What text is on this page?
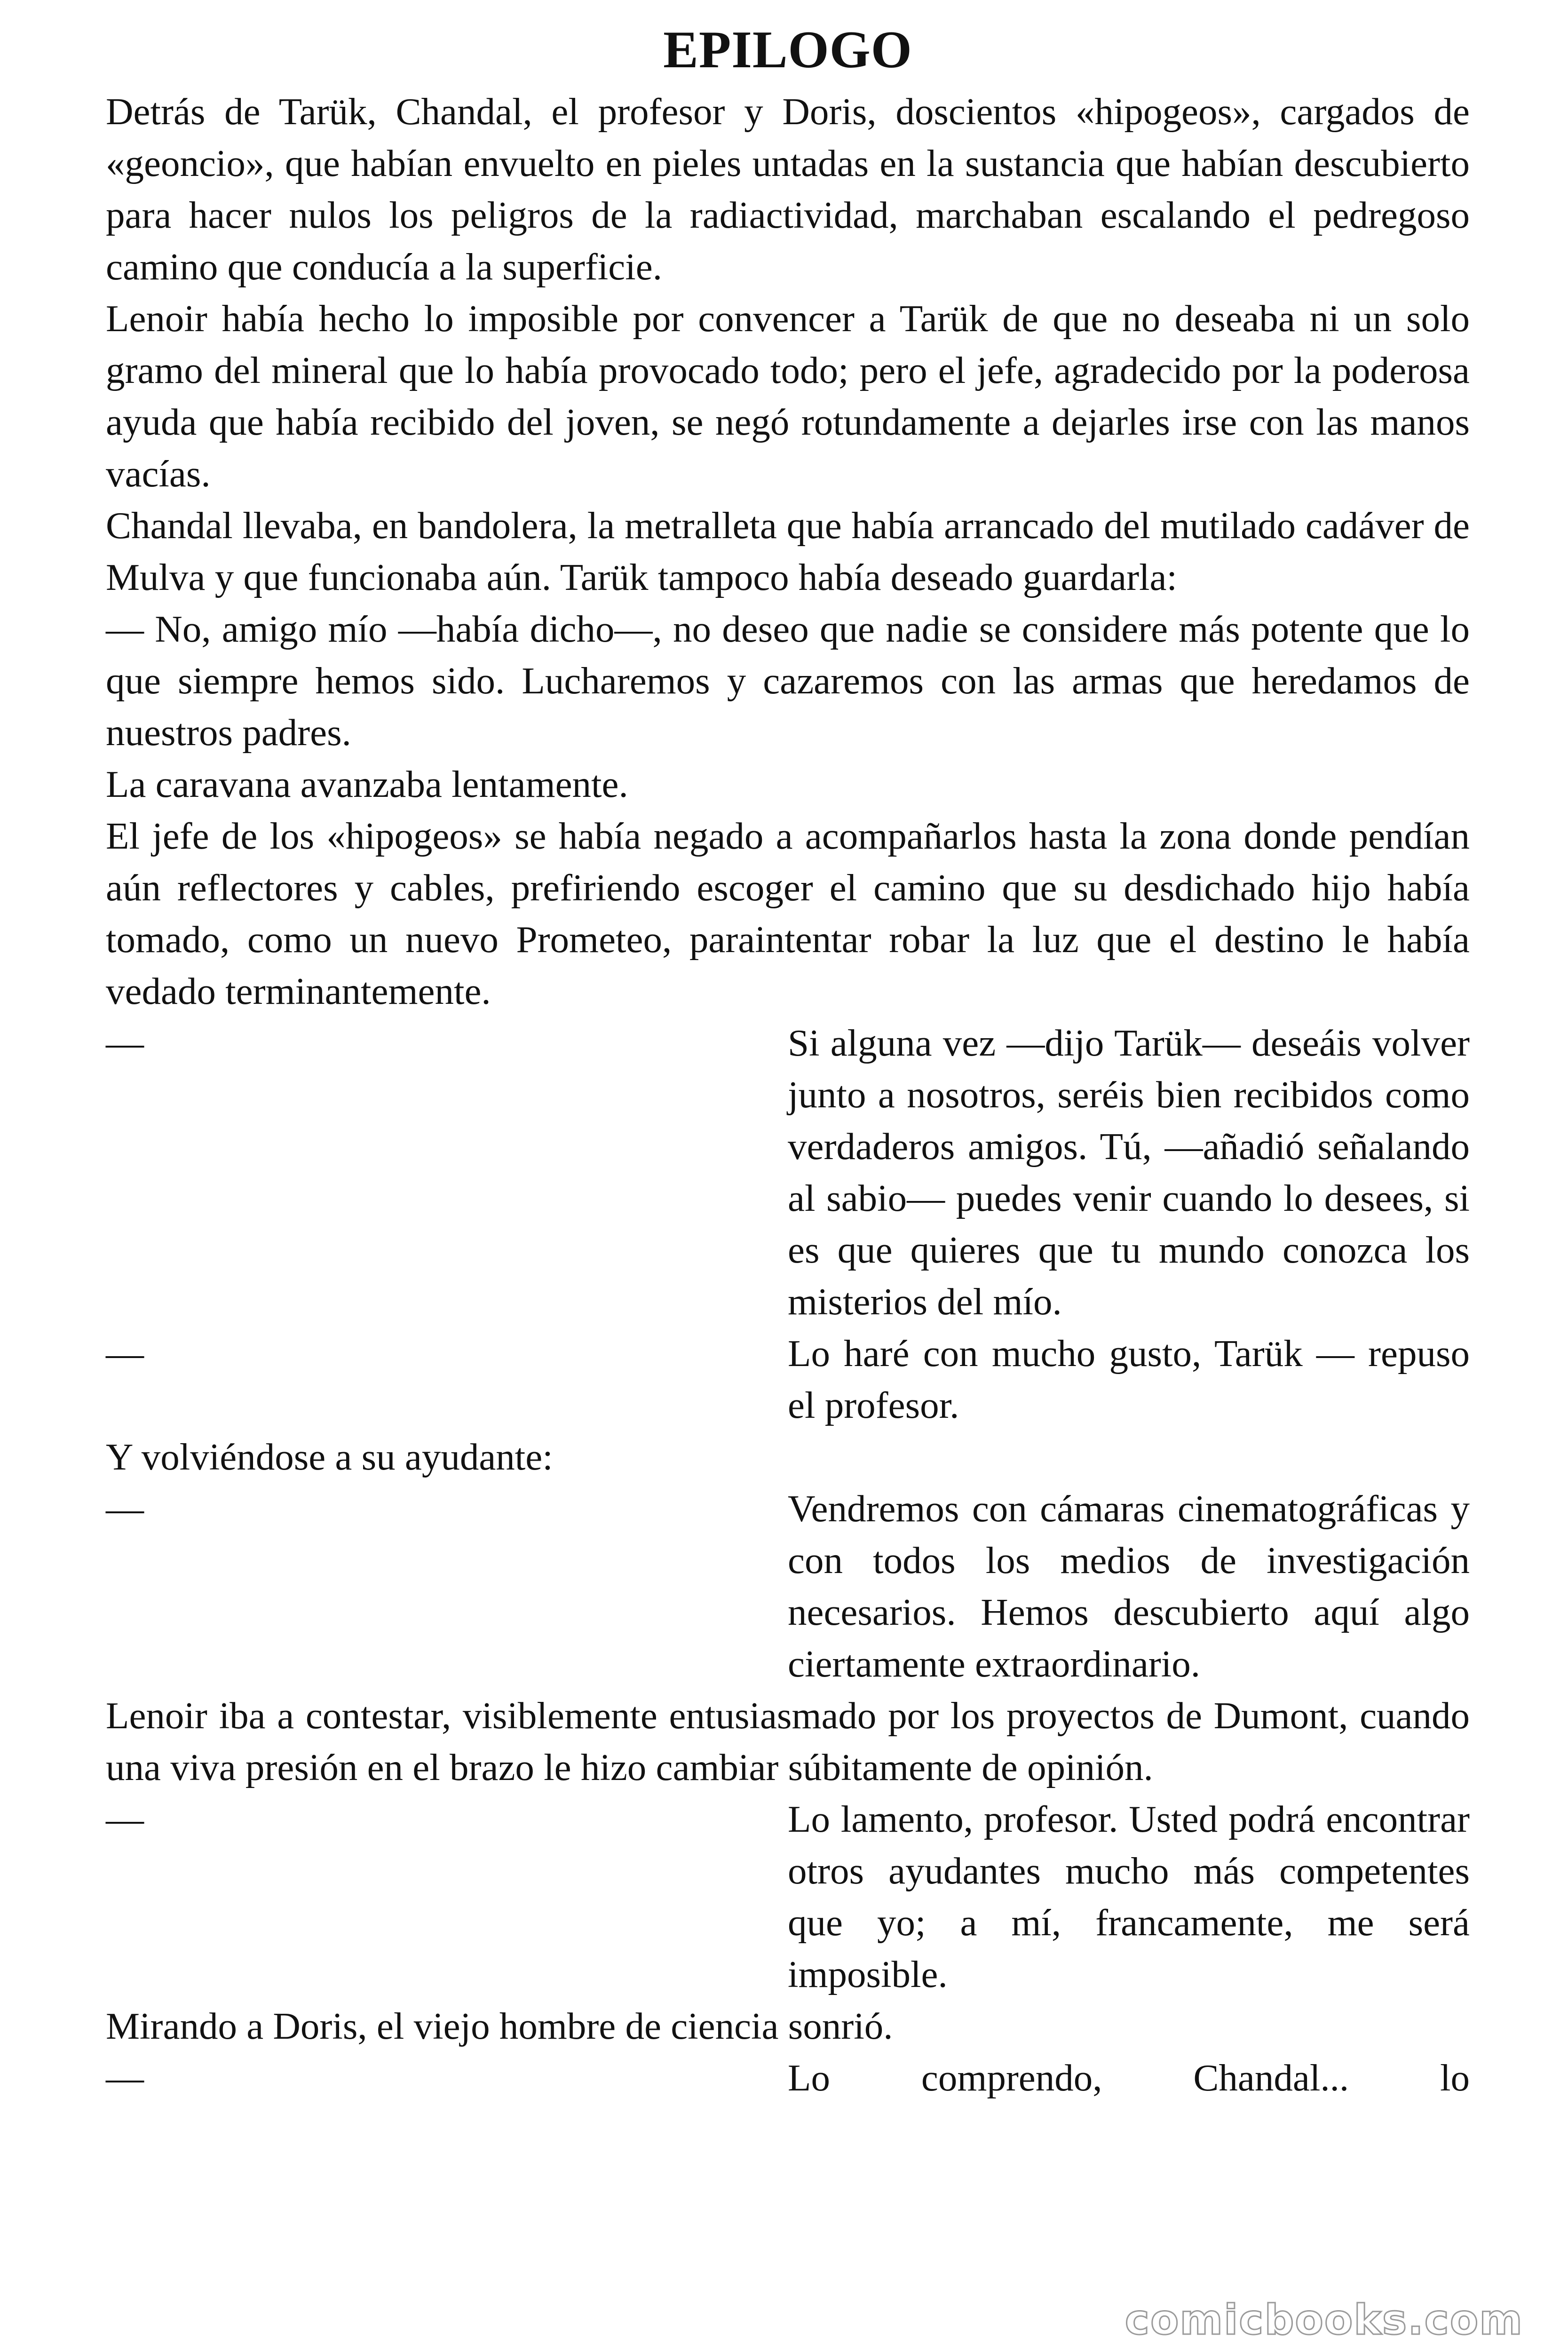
EPILOGO

Detrás de Tarük, Chandal, el profesor y Doris, doscientos «hipogeos», cargados de «geoncio», que habían envuelto en pieles untadas en la sustancia que habían descubierto para hacer nulos los peligros de la radiactividad, marchaban escalando el pedregoso camino que conducía a la superficie.

Lenoir había hecho lo imposible por convencer a Tarük de que no deseaba ni un solo gramo del mineral que lo había provocado todo; pero el jefe, agradecido por la poderosa ayuda que había recibido del joven, se negó rotundamente a dejarles irse con las manos vacías.

Chandal llevaba, en bandolera, la metralleta que había arrancado del mutilado cadáver de Mulva y que funcionaba aún. Tarük tampoco había deseado guardarla:

— No, amigo mío —había dicho—, no deseo que nadie se considere más potente que lo que siempre hemos sido. Lucharemos y cazaremos con las armas que heredamos de nuestros padres.

La caravana avanzaba lentamente.

El jefe de los «hipogeos» se había negado a acompañarlos hasta la zona donde pendían aún reflectores y cables, prefiriendo escoger el camino que su desdichado hijo había tomado, como un nuevo Prometeo, paraintentar robar la luz que el destino le había vedado terminantemente.

—	Si alguna vez —dijo Tarük— deseáis volver junto a nosotros, seréis bien recibidos como verdaderos amigos. Tú, —añadió señalando al sabio— puedes venir cuando lo desees, si es que quieres que tu mundo conozca los misterios del mío.
—	Lo haré con mucho gusto, Tarük — repuso el profesor.

Y volviéndose a su ayudante:

—	Vendremos con cámaras cinematográficas y con todos los medios de investigación necesarios. Hemos descubierto aquí algo ciertamente extraordinario.

Lenoir iba a contestar, visiblemente entusiasmado por los proyectos de Dumont, cuando una viva presión en el brazo le hizo cambiar súbitamente de opinión.

—	Lo lamento, profesor. Usted podrá encontrar otros ayudantes mucho más competentes que yo; a mí, francamente, me será imposible.

Mirando a Doris, el viejo hombre de ciencia sonrió.

—	Lo comprendo, Chandal... lo
comicbooks.com
